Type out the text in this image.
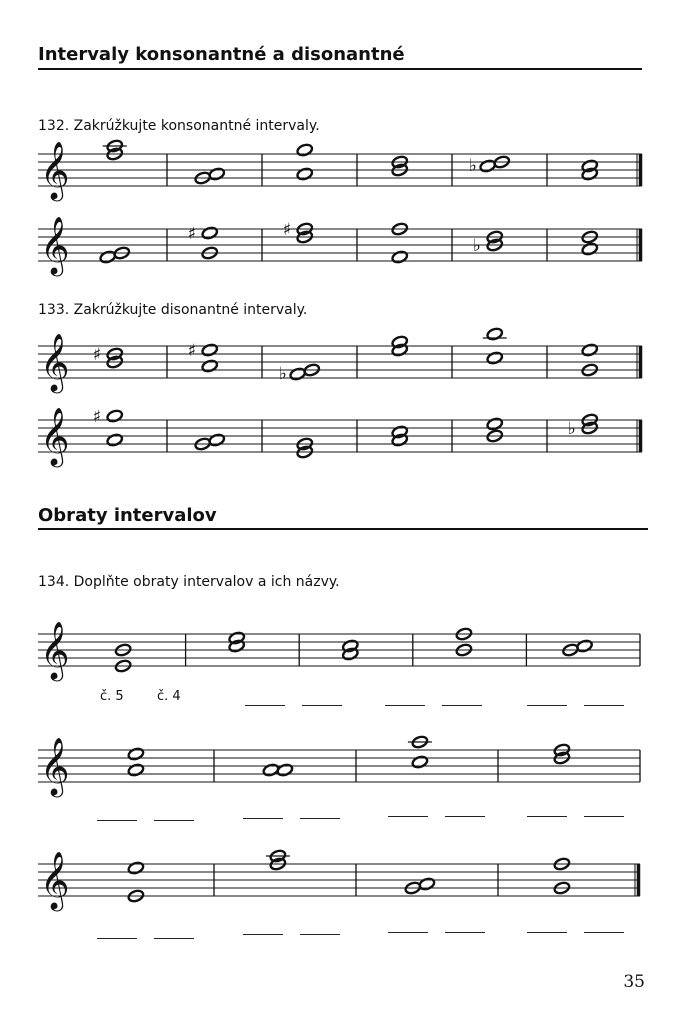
Intervaly konsonantné a disonantné
132. Zakrúžkujte konsonantné intervaly.
𝄞	♭
𝄞	♯	♯
♭
133. Zakrúžkujte disonantné intervaly.
𝄞 ♯	♯
♭
𝄞 ♯
♭
Obraty intervalov
134. Doplňte obraty intervalov a ich názvy.
𝄞
č. 5	č. 4
𝄞
𝄞
35
